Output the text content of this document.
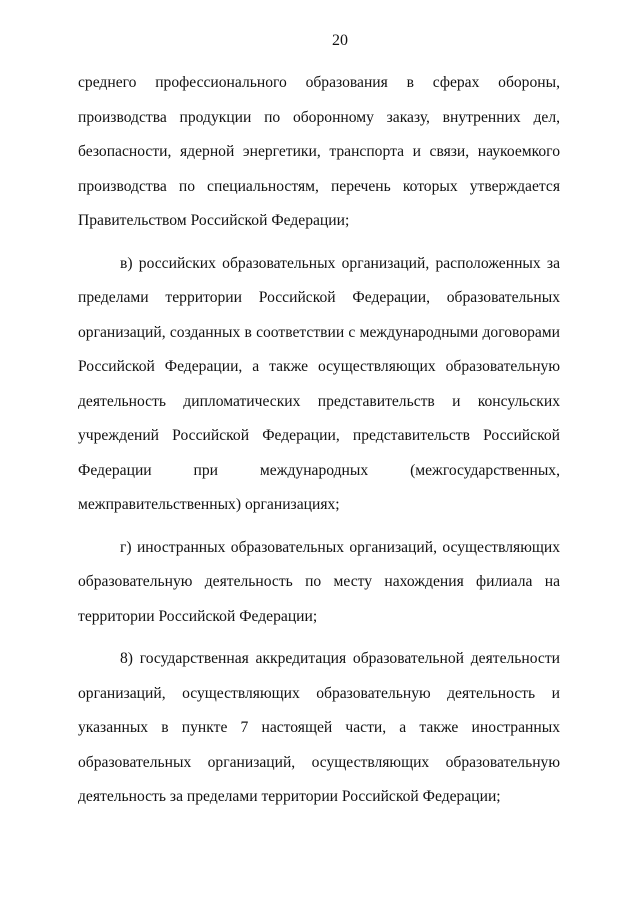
20
среднего профессионального образования в сферах обороны,
производства продукции по оборонному заказу, внутренних дел,
безопасности, ядерной энергетики, транспорта и связи, наукоемкого
производства по специальностям, перечень которых утверждается
Правительством Российской Федерации;
в) российских образовательных организаций, расположенных за
пределами территории Российской Федерации, образовательных
организаций, созданных в соответствии с международными договорами
Российской Федерации, а также осуществляющих образовательную
деятельность дипломатических представительств и консульских
учреждений Российской Федерации, представительств Российской
Федерации при международных (межгосударственных,
межправительственных) организациях;
г) иностранных образовательных организаций, осуществляющих
образовательную деятельность по месту нахождения филиала на
территории Российской Федерации;
8) государственная аккредитация образовательной деятельности
организаций, осуществляющих образовательную деятельность и
указанных в пункте 7 настоящей части, а также иностранных
образовательных организаций, осуществляющих образовательную
деятельность за пределами территории Российской Федерации;
